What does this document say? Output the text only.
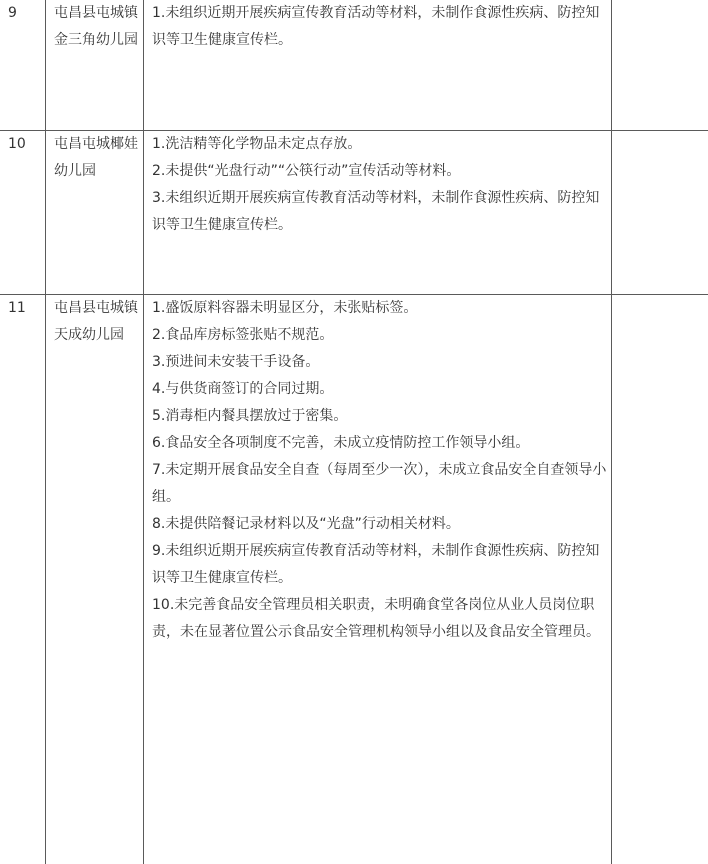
9	屯昌县屯城镇金三角幼儿园
1.未组织近期开展疾病宣传教育活动等材料，未制作食源性疾病、防控知识等卫生健康宣传栏。
10	屯昌屯城椰娃幼儿园
1.洗洁精等化学物品未定点存放。
2.未提供“光盘行动”“公筷行动”宣传活动等材料。
3.未组织近期开展疾病宣传教育活动等材料，未制作食源性疾病、防控知识等卫生健康宣传栏。
11	屯昌县屯城镇天成幼儿园
1.盛饭原料容器未明显区分，未张贴标签。
2.食品库房标签张贴不规范。
3.预进间未安装干手设备。
4.与供货商签订的合同过期。
5.消毒柜内餐具摆放过于密集。
6.食品安全各项制度不完善，未成立疫情防控工作领导小组。
7.未定期开展食品安全自查（每周至少一次），未成立食品安全自查领导小组。
8.未提供陪餐记录材料以及“光盘”行动相关材料。
9.未组织近期开展疾病宣传教育活动等材料，未制作食源性疾病、防控知识等卫生健康宣传栏。
10.未完善食品安全管理员相关职责，未明确食堂各岗位从业人员岗位职责，未在显著位置公示食品安全管理机构领导小组以及食品安全管理员。
